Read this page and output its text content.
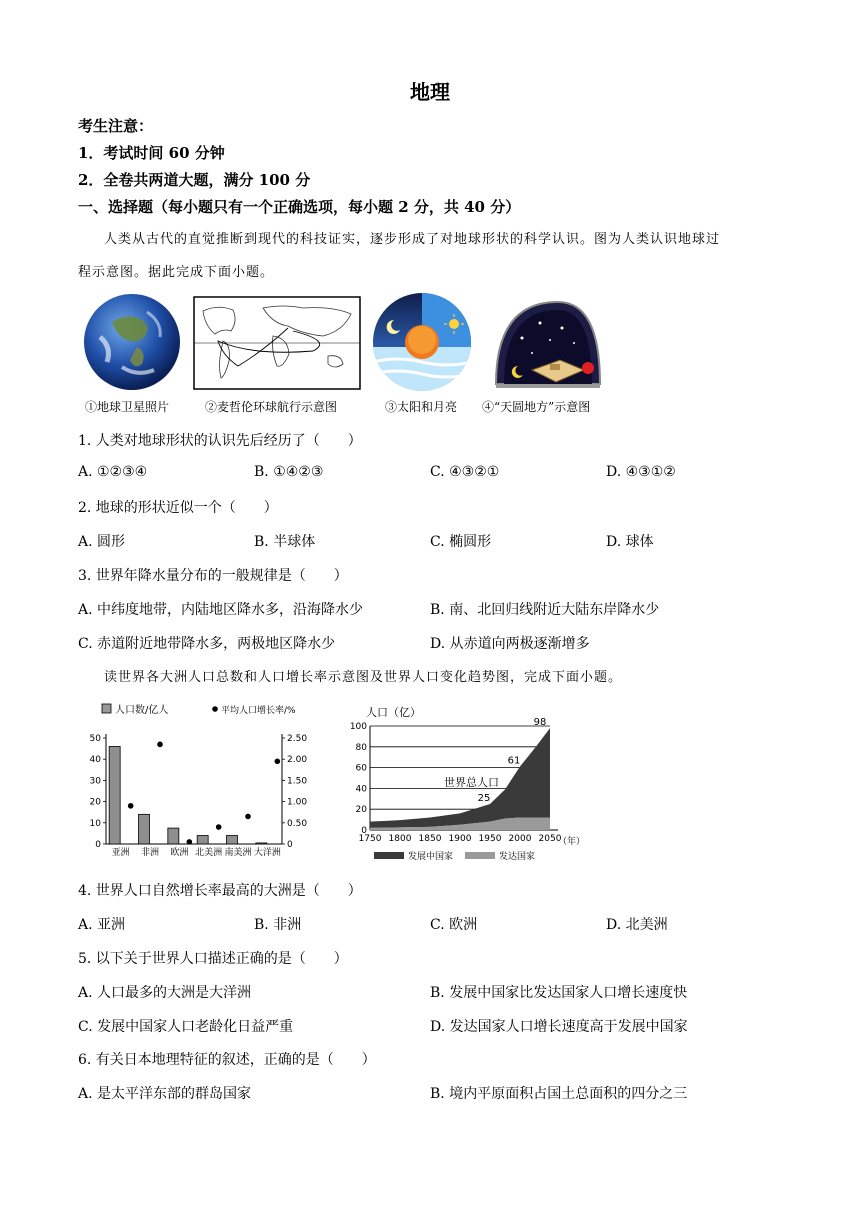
地理
考生注意：
1．考试时间 60 分钟
2．全卷共两道大题，满分 100 分
一、选择题（每小题只有一个正确选项，每小题 2 分，共 40 分）
人类从古代的直觉推断到现代的科技证实，逐步形成了对地球形状的科学认识。图为人类认识地球过
程示意图。据此完成下面小题。
①地球卫星照片	②麦哲伦环球航行示意图	③太阳和月亮 ④“天圆地方”示意图
1. 人类对地球形状的认识先后经历了（　　）
A. ①②③④	B. ①④②③	C. ④③②①	D. ④③①②
2. 地球的形状近似一个（　　）
A. 圆形	B. 半球体	C. 椭圆形	D. 球体
3. 世界年降水量分布的一般规律是（　　）
A. 中纬度地带，内陆地区降水多，沿海降水少	B. 南、北回归线附近大陆东岸降水少
C. 赤道附近地带降水多，两极地区降水少	D. 从赤道向两极逐渐增多
读世界各大洲人口总数和人口增长率示意图及世界人口变化趋势图，完成下面小题。
人口数/亿人	平均人口增长率/%
0
10
20
30
40
50
0
0.50
1.00
1.50
2.00
2.50
亚洲 非洲 欧洲 北美洲 南美洲 大洋洲
人口（亿）
0
20
40
60
80
100
1750 1800 1850 1900 1950 2000 2050
25
61
98
世界总人口
（年）
发展中国家	发达国家
4. 世界人口自然增长率最高的大洲是（　　）
A. 亚洲	B. 非洲	C. 欧洲	D. 北美洲
5. 以下关于世界人口描述正确的是（　　）
A. 人口最多的大洲是大洋洲	B. 发展中国家比发达国家人口增长速度快
C. 发展中国家人口老龄化日益严重	D. 发达国家人口增长速度高于发展中国家
6. 有关日本地理特征的叙述，正确的是（　　）
A. 是太平洋东部的群岛国家	B. 境内平原面积占国土总面积的四分之三
